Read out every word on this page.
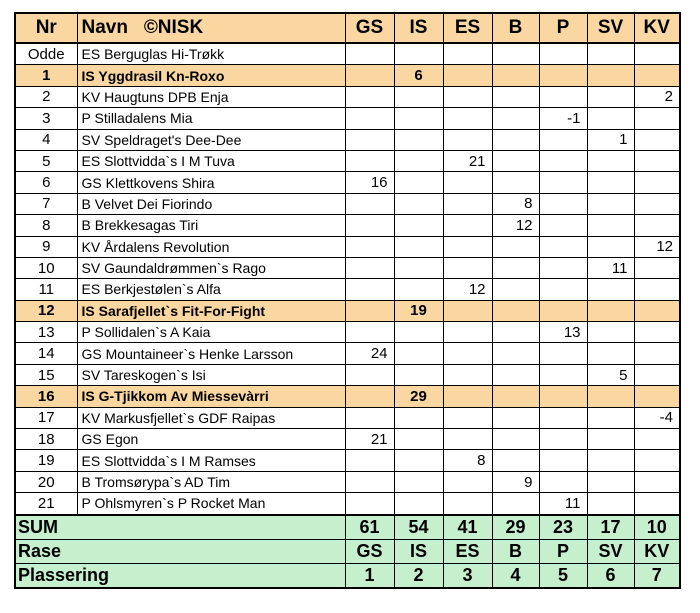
Nr	Navn ©NISK	GS	IS	ES	B	P	SV	KV
Odde	ES Berguglas Hi-Trøkk							
1	IS Yggdrasil Kn-Roxo		6					
2	KV Haugtuns DPB Enja							2
3	P Stilladalens Mia					-1		
4	SV Speldraget's Dee-Dee						1	
5	ES Slottvidda`s I M Tuva			21				
6	GS Klettkovens Shira	16						
7	B Velvet Dei Fiorindo				8			
8	B Brekkesagas Tiri				12			
9	KV Årdalens Revolution							12
10	SV Gaundaldrømmen`s Rago						11	
11	ES Berkjestølen`s Alfa			12				
12	IS Sarafjellet`s Fit-For-Fight		19					
13	P Sollidalen`s A Kaia					13		
14	GS Mountaineer`s Henke Larsson	24						
15	SV Tareskogen`s Isi						5	
16	IS G-Tjikkom Av Miessevàrri		29					
17	KV Markusfjellet`s GDF Raipas							-4
18	GS Egon	21						
19	ES Slottvidda`s I M Ramses			8				
20	B Tromsørypa`s AD Tim				9			
21	P Ohlsmyren`s P Rocket Man					11		
SUM		61	54	41	29	23	17	10
Rase		GS	IS	ES	B	P	SV	KV
Plassering		1	2	3	4	5	6	7
